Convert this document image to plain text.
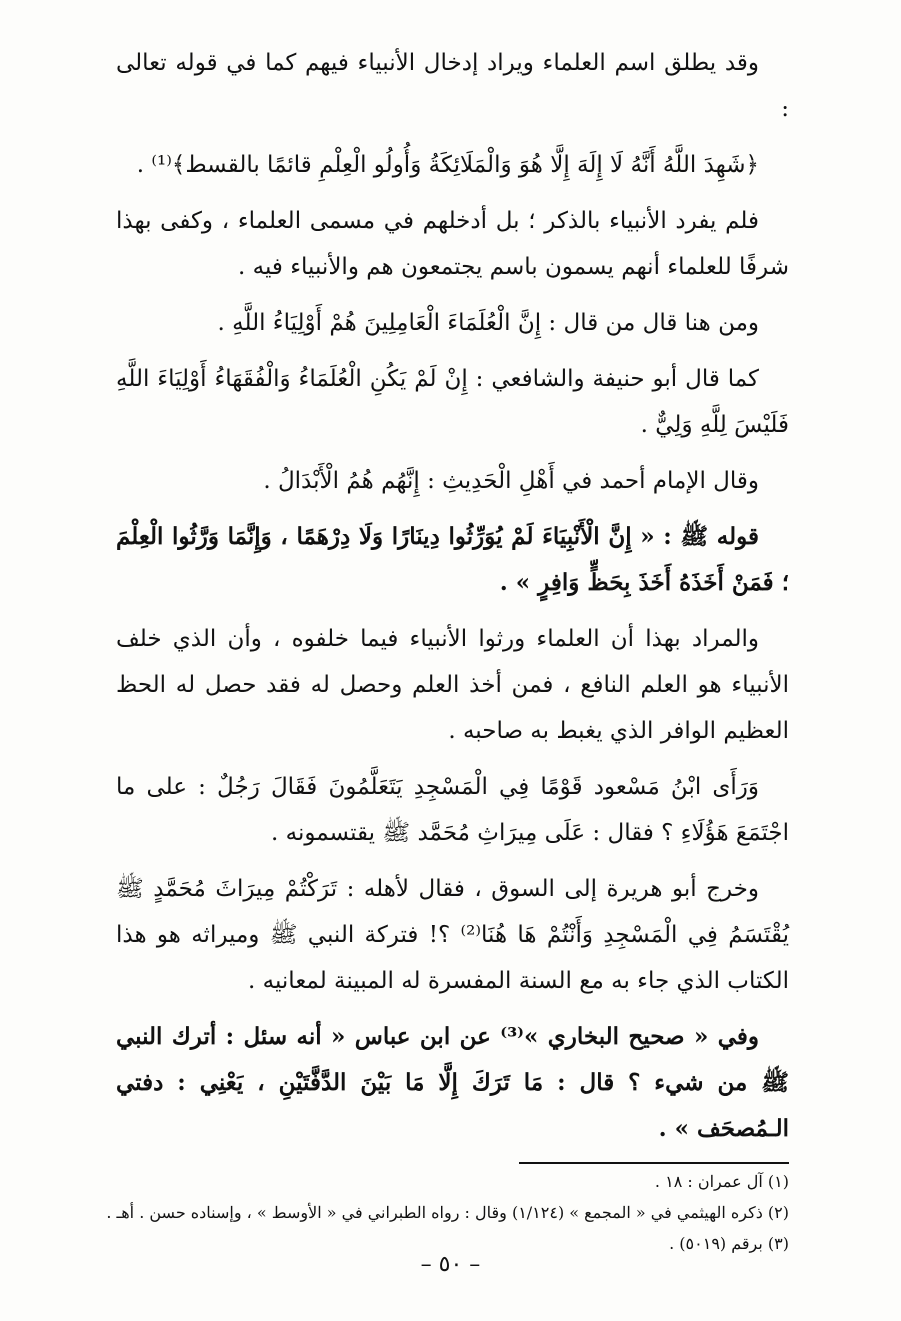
وقد يطلق اسم العلماء ويراد إدخال الأنبياء فيهم كما في قوله تعالى :

﴿شَهِدَ اللَّهُ أَنَّهُ لَا إِلَهَ إِلَّا هُوَ وَالْمَلَائِكَةُ وَأُولُو الْعِلْمِ قائمًا بالقسط﴾⁽¹⁾ .

فلم يفرد الأنبياء بالذكر ؛ بل أدخلهم في مسمى العلماء ، وكفى بهذا شرفًا للعلماء أنهم يسمون باسم يجتمعون هم والأنبياء فيه .

ومن هنا قال من قال : إِنَّ الْعُلَمَاءَ الْعَامِلِينَ هُمْ أَوْلِيَاءُ اللَّهِ .

كما قال أبو حنيفة والشافعي : إِنْ لَمْ يَكُنِ الْعُلَمَاءُ وَالْفُقَهَاءُ أَوْلِيَاءَ اللَّهِ فَلَيْسَ لِلَّهِ وَلِيٌّ .

وقال الإمام أحمد في أَهْلِ الْحَدِيثِ : إِنَّهُم هُمُ الْأَبْدَالُ .

قوله ﷺ : « إِنَّ الْأَنْبِيَاءَ لَمْ يُوَرِّثُوا دِينَارًا وَلَا دِرْهَمًا ، وَإِنَّمَا وَرَّثُوا الْعِلْمَ ؛ فَمَنْ أَخَذَهُ أَخَذَ بِحَظٍّ وَافِرٍ » .

والمراد بهذا أن العلماء ورثوا الأنبياء فيما خلفوه ، وأن الذي خلف الأنبياء هو العلم النافع ، فمن أخذ العلم وحصل له فقد حصل له الحظ العظيم الوافر الذي يغبط به صاحبه .

وَرَأَى ابْنُ مَسْعود قَوْمًا فِي الْمَسْجِدِ يَتَعَلَّمُونَ فَقَالَ رَجُلٌ : على ما اجْتَمَعَ هَؤُلَاءِ ؟ فقال : عَلَى مِيرَاثِ مُحَمَّد ﷺ يقتسمونه .

وخرج أبو هريرة إلى السوق ، فقال لأهله : تَرَكْتُمْ مِيرَاثَ مُحَمَّدٍ ﷺ يُقْتَسَمُ فِي الْمَسْجِدِ وَأَنْتُمْ هَا هُنَا⁽²⁾ ؟! فتركة النبي ﷺ وميراثه هو هذا الكتاب الذي جاء به مع السنة المفسرة له المبينة لمعانيه .

وفي « صحيح البخاري »⁽³⁾ عن ابن عباس « أنه سئل : أترك النبي ﷺ من شيء ؟ قال : مَا تَرَكَ إِلَّا مَا بَيْنَ الدَّفَّتَيْنِ ، يَعْنِي : دفتي الـمُصحَف » .

(١) آل عمران : ١٨ .

(٢) ذكره الهيثمي في « المجمع » (١/١٢٤) وقال : رواه الطبراني في « الأوسط » ، وإسناده حسن . أهـ .

(٣) برقم (٥٠١٩) .

– ٥٠ –
